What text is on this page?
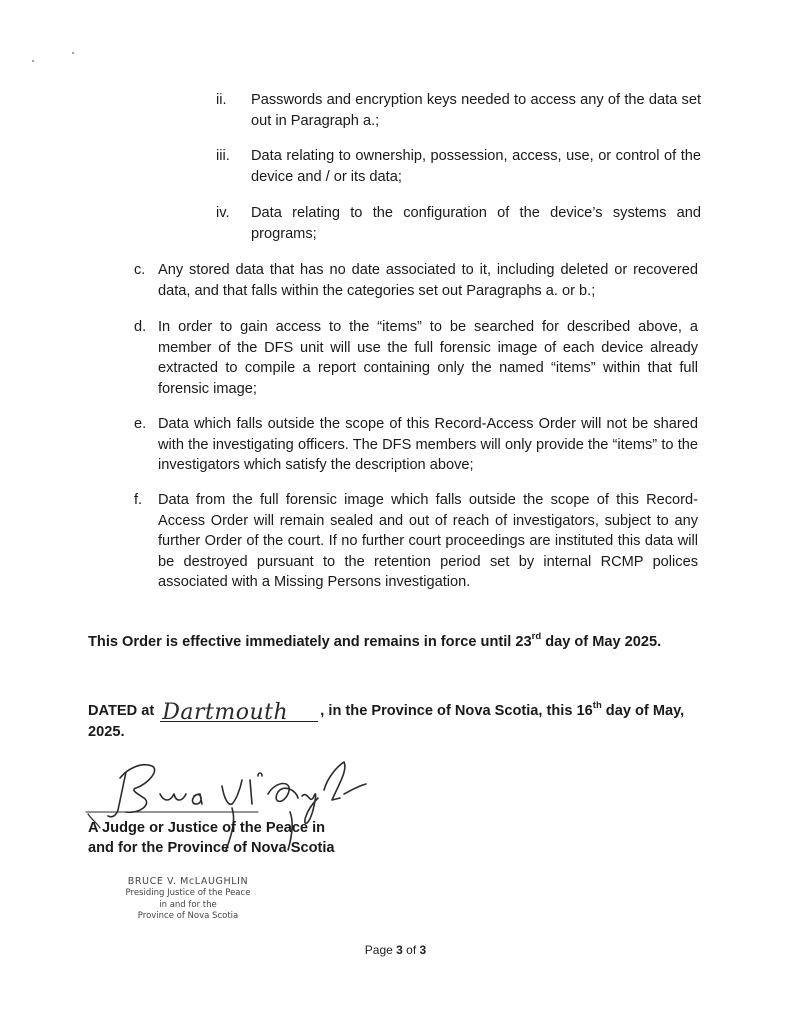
ii.	Passwords and encryption keys needed to access any of the data set out in Paragraph a.;
iii.	Data relating to ownership, possession, access, use, or control of the device and / or its data;
iv.	Data relating to the configuration of the device’s systems and programs;
c. Any stored data that has no date associated to it, including deleted or recovered data, and that falls within the categories set out Paragraphs a. or b.;
d. In order to gain access to the “items” to be searched for described above, a member of the DFS unit will use the full forensic image of each device already extracted to compile a report containing only the named “items” within that full forensic image;
e. Data which falls outside the scope of this Record-Access Order will not be shared with the investigating officers. The DFS members will only provide the “items” to the investigators which satisfy the description above;
f.	Data from the full forensic image which falls outside the scope of this Record-Access Order will remain sealed and out of reach of investigators, subject to any further Order of the court. If no further court proceedings are instituted this data will be destroyed pursuant to the retention period set by internal RCMP polices associated with a Missing Persons investigation.
This Order is effective immediately and remains in force until 23rd day of May 2025.
DATED at Dartmouth , in the Province of Nova Scotia, this 16th day of May, 2025.
A Judge or Justice of the Peace in
and for the Province of Nova Scotia
BRUCE V. McLAUGHLIN
Presiding Justice of the Peace
in and for the
Province of Nova Scotia
Page 3 of 3
